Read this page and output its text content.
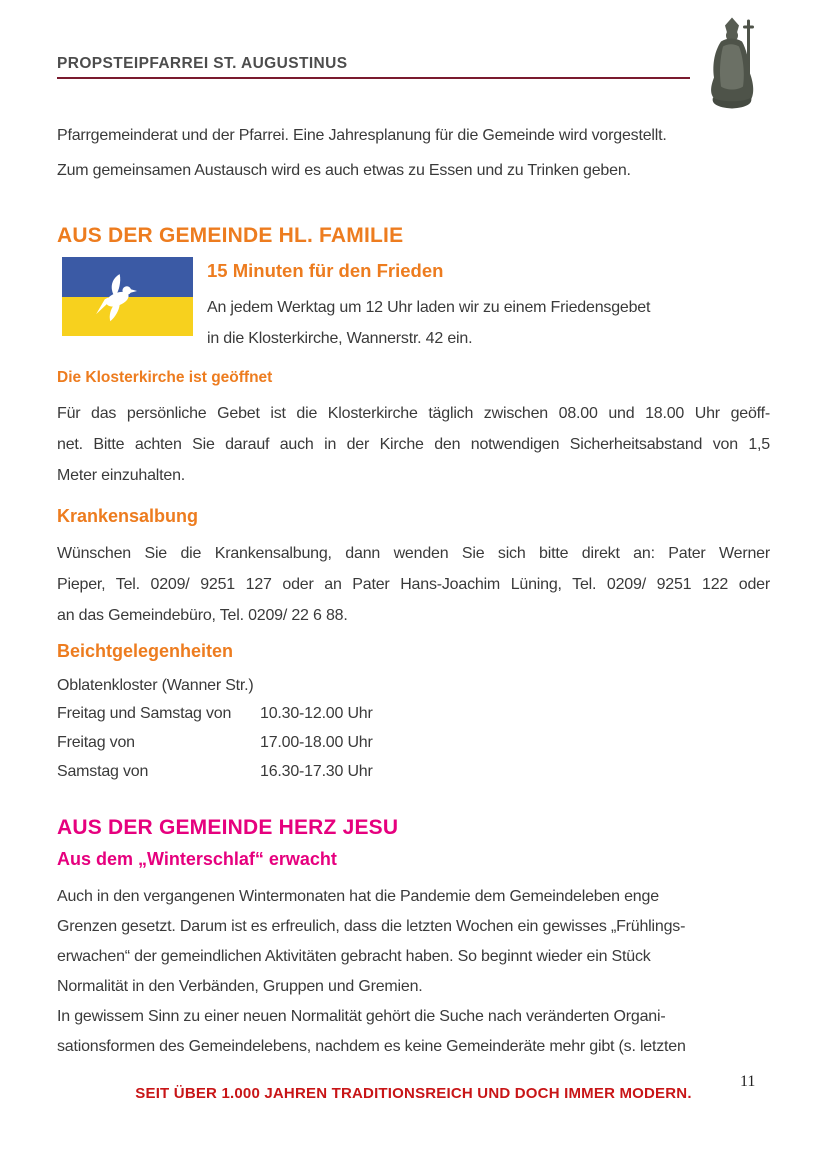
PROPSTEIPFARREI ST. AUGUSTINUS
Pfarrgemeinderat und der Pfarrei. Eine Jahresplanung für die Gemeinde wird vorgestellt.
Zum gemeinsamen Austausch wird es auch etwas zu Essen und zu Trinken geben.
AUS DER GEMEINDE HL. FAMILIE
15 Minuten für den Frieden
An jedem Werktag um 12 Uhr laden wir zu einem Friedensgebet
in die Klosterkirche, Wannerstr. 42 ein.
Die Klosterkirche ist geöffnet
Für das persönliche Gebet ist die Klosterkirche täglich zwischen 08.00 und 18.00 Uhr geöff-
net. Bitte achten Sie darauf auch in der Kirche den notwendigen Sicherheitsabstand von 1,5
Meter einzuhalten.
Krankensalbung
Wünschen Sie die Krankensalbung, dann wenden Sie sich bitte direkt an: Pater Werner
Pieper, Tel. 0209/ 9251 127 oder an Pater Hans-Joachim Lüning, Tel. 0209/ 9251 122 oder
an das Gemeindebüro, Tel. 0209/ 22 6 88.
Beichtgelegenheiten
Oblatenkloster (Wanner Str.)
Freitag und Samstag von	10.30-12.00 Uhr
Freitag von	17.00-18.00 Uhr
Samstag von	16.30-17.30 Uhr
AUS DER GEMEINDE HERZ JESU
Aus dem „Winterschlaf“ erwacht
Auch in den vergangenen Wintermonaten hat die Pandemie dem Gemeindeleben enge
Grenzen gesetzt. Darum ist es erfreulich, dass die letzten Wochen ein gewisses „Frühlings-
erwachen“ der gemeindlichen Aktivitäten gebracht haben. So beginnt wieder ein Stück
Normalität in den Verbänden, Gruppen und Gremien.
In gewissem Sinn zu einer neuen Normalität gehört die Suche nach veränderten Organi-
sationsformen des Gemeindelebens, nachdem es keine Gemeinderäte mehr gibt (s. letzten
SEIT ÜBER 1.000 JAHREN TRADITIONSREICH UND DOCH IMMER MODERN.
11
